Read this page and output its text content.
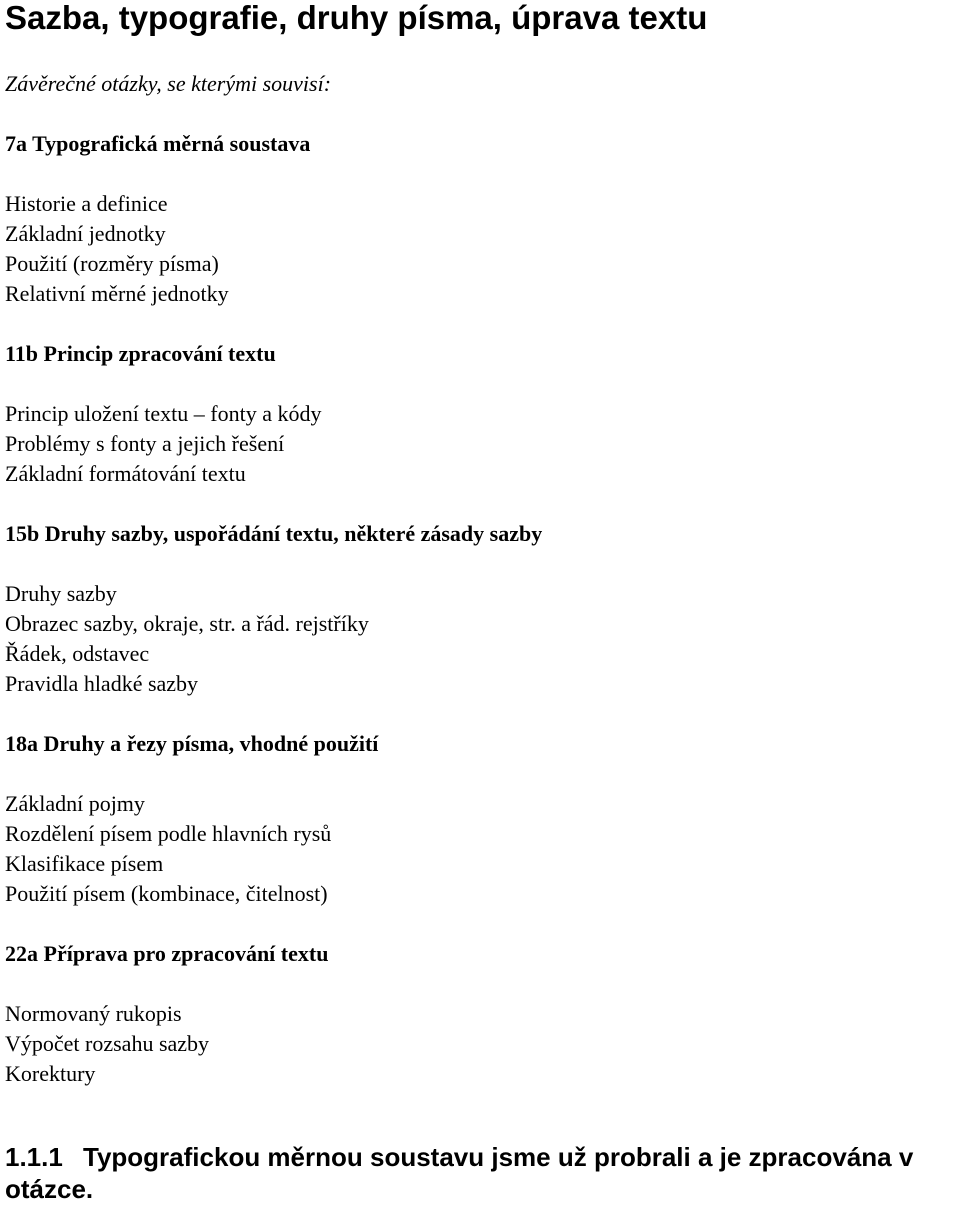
Sazba, typografie, druhy písma, úprava textu

Závěrečné otázky, se kterými souvisí:

7a Typografická měrná soustava
Historie a definice
Základní jednotky
Použití (rozměry písma)
Relativní měrné jednotky
11b Princip zpracování textu
Princip uložení textu – fonty a kódy
Problémy s fonty a jejich řešení
Základní formátování textu
15b Druhy sazby, uspořádání textu, některé zásady sazby
Druhy sazby
Obrazec sazby, okraje, str. a řád. rejstříky
Řádek, odstavec
Pravidla hladké sazby
18a Druhy a řezy písma, vhodné použití
Základní pojmy
Rozdělení písem podle hlavních rysů
Klasifikace písem
Použití písem (kombinace, čitelnost)
22a Příprava pro zpracování textu
Normovaný rukopis
Výpočet rozsahu sazby
Korektury
1.1.1 Typografickou měrnou soustavu jsme už probrali a je zpracována v otázce.
